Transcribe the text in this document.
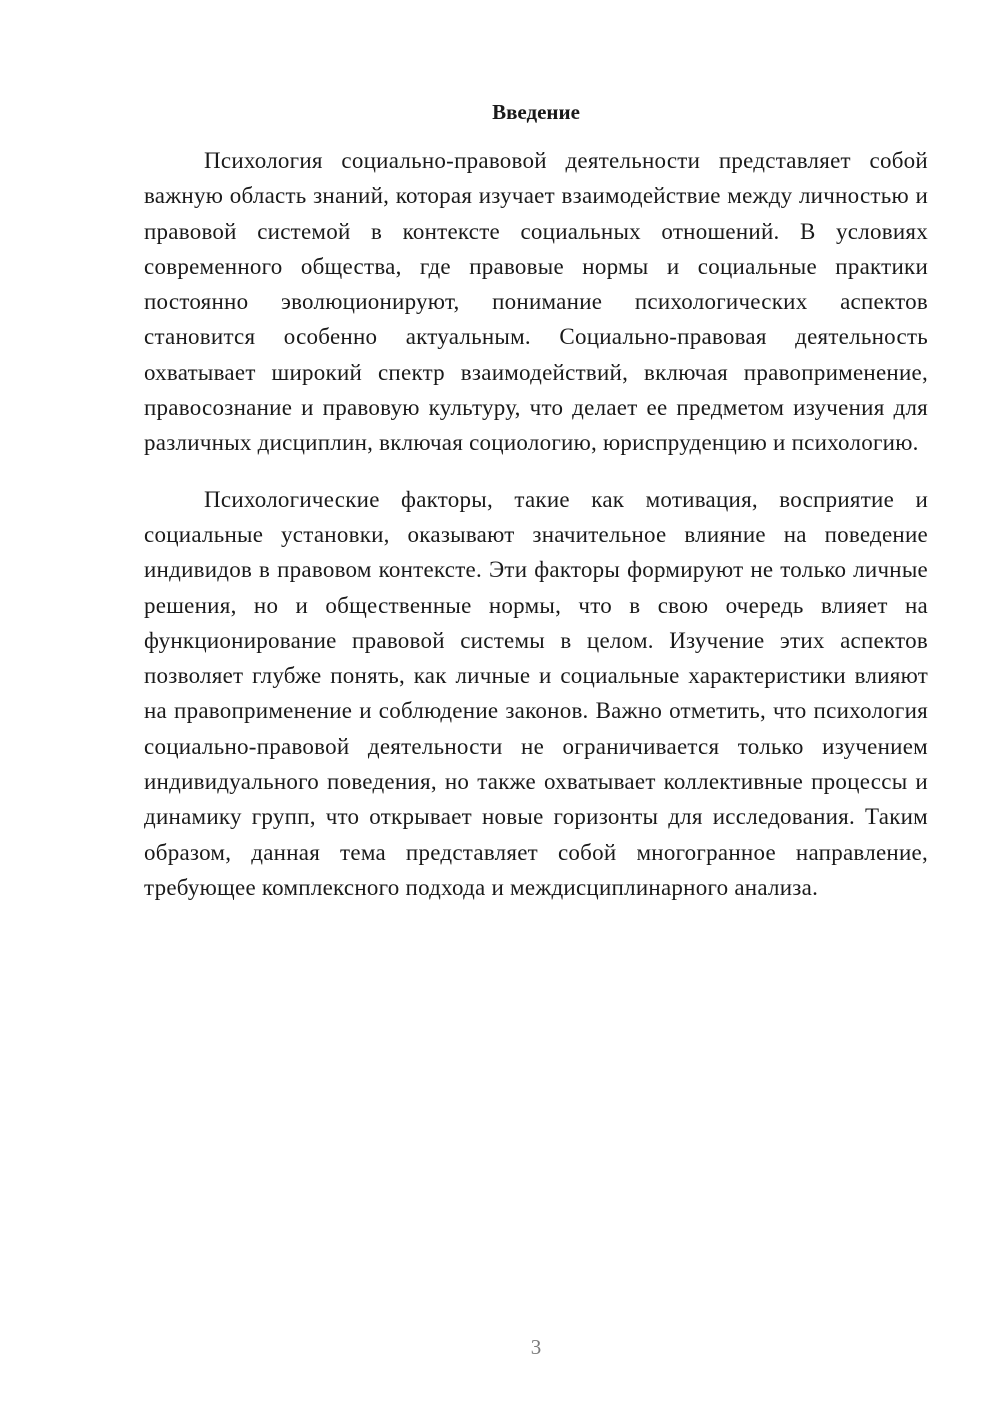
Введение

Психология социально-правовой деятельности представляет собой важную область знаний, которая изучает взаимодействие между личностью и правовой системой в контексте социальных отношений. В условиях современного общества, где правовые нормы и социальные практики постоянно эволюционируют, понимание психологических аспектов становится особенно актуальным. Социально-правовая деятельность охватывает широкий спектр взаимодействий, включая правоприменение, правосознание и правовую культуру, что делает ее предметом изучения для различных дисциплин, включая социологию, юриспруденцию и психологию.

Психологические факторы, такие как мотивация, восприятие и социальные установки, оказывают значительное влияние на поведение индивидов в правовом контексте. Эти факторы формируют не только личные решения, но и общественные нормы, что в свою очередь влияет на функционирование правовой системы в целом. Изучение этих аспектов позволяет глубже понять, как личные и социальные характеристики влияют на правоприменение и соблюдение законов. Важно отметить, что психология социально-правовой деятельности не ограничивается только изучением индивидуального поведения, но также охватывает коллективные процессы и динамику групп, что открывает новые горизонты для исследования. Таким образом, данная тема представляет собой многогранное направление, требующее комплексного подхода и междисциплинарного анализа.

3
